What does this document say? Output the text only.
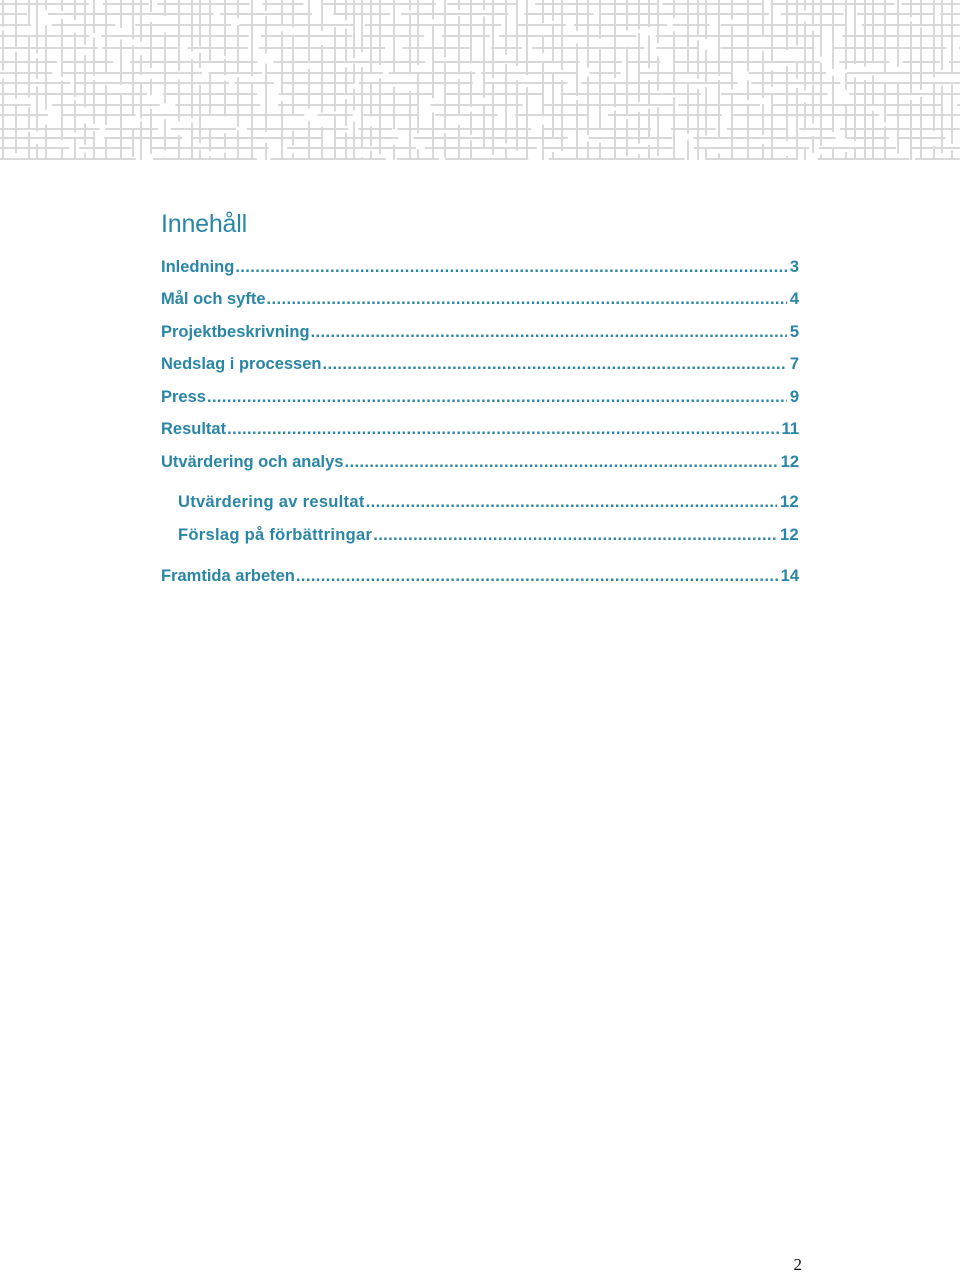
Innehåll
Inledning .....	3
Mål och syfte .....	4
Projektbeskrivning .....	5
Nedslag i processen .....	7
Press .....	9
Resultat .....	11
Utvärdering och analys .....	12
Utvärdering av resultat .....	12
Förslag på förbättringar .....	12
Framtida arbeten .....	14
2
